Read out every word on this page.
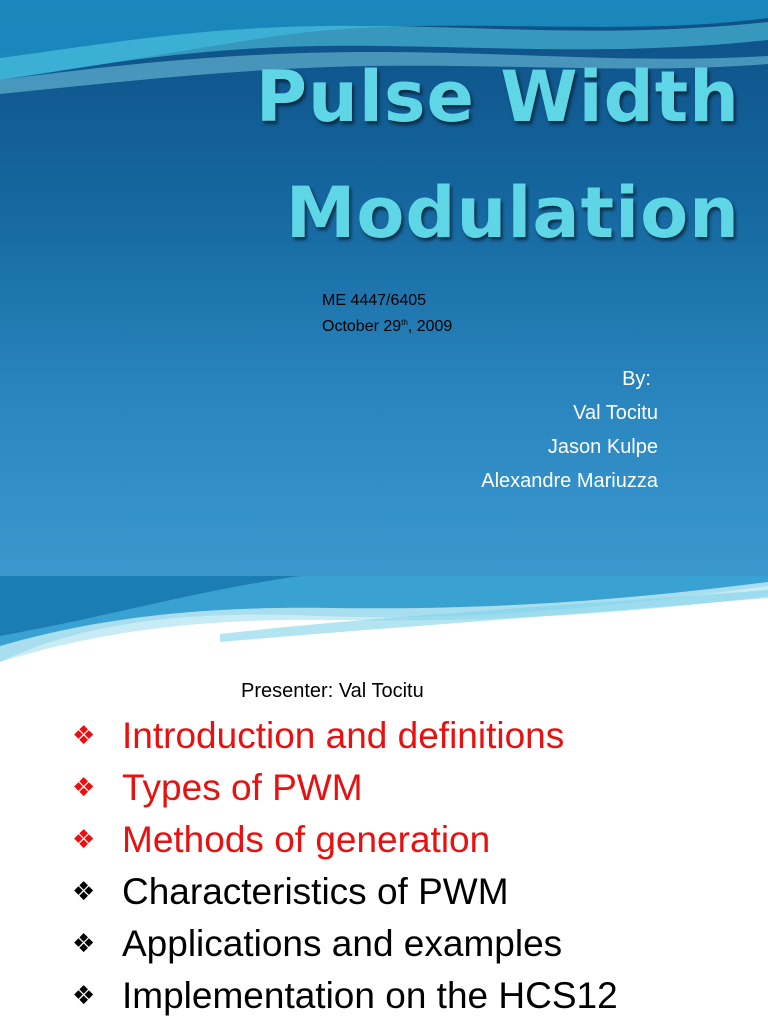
Pulse Width
Modulation
ME 4447/6405
October 29th, 2009
By:
Val Tocitu
Jason Kulpe
Alexandre Mariuzza
Presenter: Val Tocitu
❖ Introduction and definitions
❖ Types of PWM
❖ Methods of generation
❖ Characteristics of PWM
❖ Applications and examples
❖ Implementation on the HCS12
